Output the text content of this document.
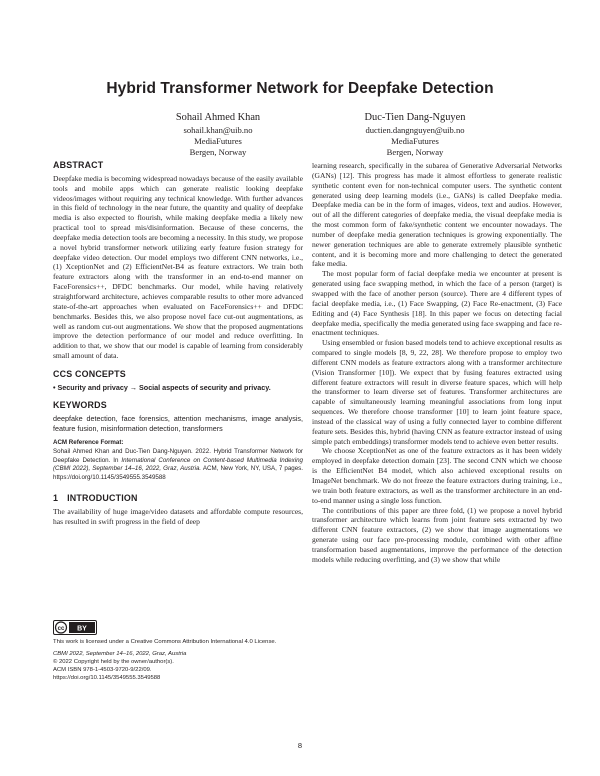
Hybrid Transformer Network for Deepfake Detection
Sohail Ahmed Khan
sohail.khan@uib.no
MediaFutures
Bergen, Norway
Duc-Tien Dang-Nguyen
ductien.dangnguyen@uib.no
MediaFutures
Bergen, Norway
ABSTRACT

Deepfake media is becoming widespread nowadays because of the easily available tools and mobile apps which can generate realistic looking deepfake videos/images without requiring any technical knowledge. With further advances in this field of technology in the near future, the quantity and quality of deepfake media is also expected to flourish, while making deepfake media a likely new practical tool to spread mis/disinformation. Because of these concerns, the deepfake media detection tools are becoming a necessity. In this study, we propose a novel hybrid transformer network utilizing early feature fusion strategy for deepfake video detection. Our model employs two different CNN networks, i.e., (1) XceptionNet and (2) EfficientNet-B4 as feature extractors. We train both feature extractors along with the transformer in an end-to-end manner on FaceForensics++, DFDC benchmarks. Our model, while having relatively straightforward architecture, achieves comparable results to other more advanced state-of-the-art approaches when evaluated on FaceForensics++ and DFDC benchmarks. Besides this, we also propose novel face cut-out augmentations, as well as random cut-out augmentations. We show that the proposed augmentations improve the detection performance of our model and reduce overfitting. In addition to that, we show that our model is capable of learning from considerably small amount of data.

CCS CONCEPTS

• Security and privacy → Social aspects of security and privacy.

KEYWORDS

deepfake detection, face forensics, attention mechanisms, image analysis, feature fusion, misinformation detection, transformers

ACM Reference Format:

Sohail Ahmed Khan and Duc-Tien Dang-Nguyen. 2022. Hybrid Transformer Network for Deepfake Detection. In International Conference on Content-based Multimedia Indexing (CBMI 2022), September 14–16, 2022, Graz, Austria. ACM, New York, NY, USA, 7 pages. https://doi.org/10.1145/3549555.3549588

1 INTRODUCTION

The availability of huge image/video datasets and affordable compute resources, has resulted in swift progress in the field of deep

cc BY
This work is licensed under a Creative Commons Attribution International 4.0 License.
CBMI 2022, September 14–16, 2022, Graz, Austria
© 2022 Copyright held by the owner/author(s).
ACM ISBN 978-1-4503-9720-9/22/09.
https://doi.org/10.1145/3549555.3549588

learning research, specifically in the subarea of Generative Adversarial Networks (GANs) [12]. This progress has made it almost effortless to generate realistic synthetic content even for non-technical computer users. The synthetic content generated using deep learning models (i.e., GANs) is called Deepfake media. Deepfake media can be in the form of images, videos, text and audios. However, out of all the different categories of deepfake media, the visual deepfake media is the most common form of fake/synthetic content we encounter nowadays. The number of deepfake media generation techniques is growing exponentially. The newer generation techniques are able to generate extremely plausible synthetic content, and it is becoming more and more challenging to detect the generated fake media.

The most popular form of facial deepfake media we encounter at present is generated using face swapping method, in which the face of a person (target) is swapped with the face of another person (source). There are 4 different types of facial deepfake media, i.e., (1) Face Swapping, (2) Face Re-enactment, (3) Face Editing and (4) Face Synthesis [18]. In this paper we focus on detecting facial deepfake media, specifically the media generated using face swapping and face re-enactment techniques.

Using ensembled or fusion based models tend to achieve exceptional results as compared to single models [8, 9, 22, 28]. We therefore propose to employ two different CNN models as feature extractors along with a transformer architecture (Vision Transformer [10]). We expect that by fusing features extracted using different feature extractors will result in diverse feature spaces, which will help the transformer to learn diverse set of features. Transformer architectures are capable of simultaneously learning meaningful associations from long input sequences. We therefore choose transformer [10] to learn joint feature space, instead of the classical way of using a fully connected layer to combine different feature sets. Besides this, hybrid (having CNN as feature extractor instead of using simple patch embeddings) transformer models tend to achieve even better results.

We choose XceptionNet as one of the feature extractors as it has been widely employed in deepfake detection domain [23]. The second CNN which we choose is the EfficientNet B4 model, which also achieved exceptional results on ImageNet benchmark. We do not freeze the feature extractors during training, i.e., we train both feature extractors, as well as the transformer architecture in an end-to-end manner using a single loss function.

The contributions of this paper are three fold, (1) we propose a novel hybrid transformer architecture which learns from joint feature sets extracted by two different CNN feature extractors, (2) we show that image augmentations we generate using our face pre-processing module, combined with other affine transformation based augmentations, improve the performance of the detection models while reducing overfitting, and (3) we show that while

8
